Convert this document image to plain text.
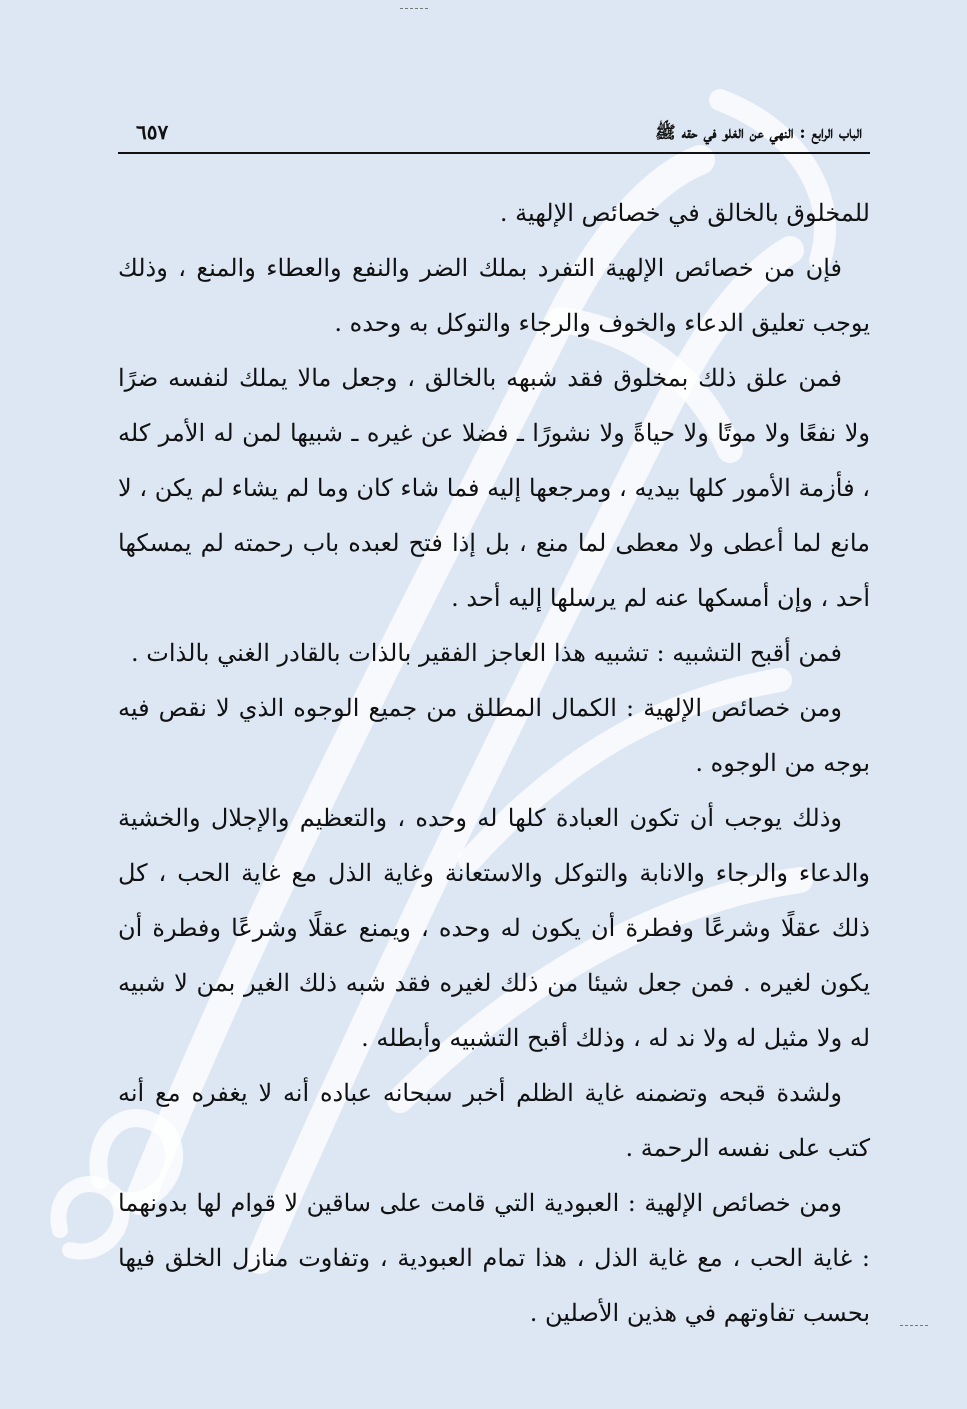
الباب الرابع : النهي عن الغلو في حقه ﷺ
٦٥٧

للمخلوق بالخالق في خصائص الإلهية .

فإن من خصائص الإلهية التفرد بملك الضر والنفع والعطاء والمنع ، وذلك يوجب تعليق الدعاء والخوف والرجاء والتوكل به وحده .

فمن علق ذلك بمخلوق فقد شبهه بالخالق ، وجعل مالا يملك لنفسه ضرًا ولا نفعًا ولا موتًا ولا حياةً ولا نشورًا ـ فضلا عن غيره ـ شبيها لمن له الأمر كله ، فأزمة الأمور كلها بيديه ، ومرجعها إليه فما شاء كان وما لم يشاء لم يكن ، لا مانع لما أعطى ولا معطى لما منع ، بل إذا فتح لعبده باب رحمته لم يمسكها أحد ، وإن أمسكها عنه لم يرسلها إليه أحد .

فمن أقبح التشبيه : تشبيه هذا العاجز الفقير بالذات بالقادر الغني بالذات .

ومن خصائص الإلهية : الكمال المطلق من جميع الوجوه الذي لا نقص فيه بوجه من الوجوه .

وذلك يوجب أن تكون العبادة كلها له وحده ، والتعظيم والإجلال والخشية والدعاء والرجاء والانابة والتوكل والاستعانة وغاية الذل مع غاية الحب ، كل ذلك عقلًا وشرعًا وفطرة أن يكون له وحده ، ويمنع عقلًا وشرعًا وفطرة أن يكون لغيره . فمن جعل شيئا من ذلك لغيره فقد شبه ذلك الغير بمن لا شبيه له ولا مثيل له ولا ند له ، وذلك أقبح التشبيه وأبطله .

ولشدة قبحه وتضمنه غاية الظلم أخبر سبحانه عباده أنه لا يغفره مع أنه كتب على نفسه الرحمة .

ومن خصائص الإلهية : العبودية التي قامت على ساقين لا قوام لها بدونهما : غاية الحب ، مع غاية الذل ، هذا تمام العبودية ، وتفاوت منازل الخلق فيها بحسب تفاوتهم في هذين الأصلين .
